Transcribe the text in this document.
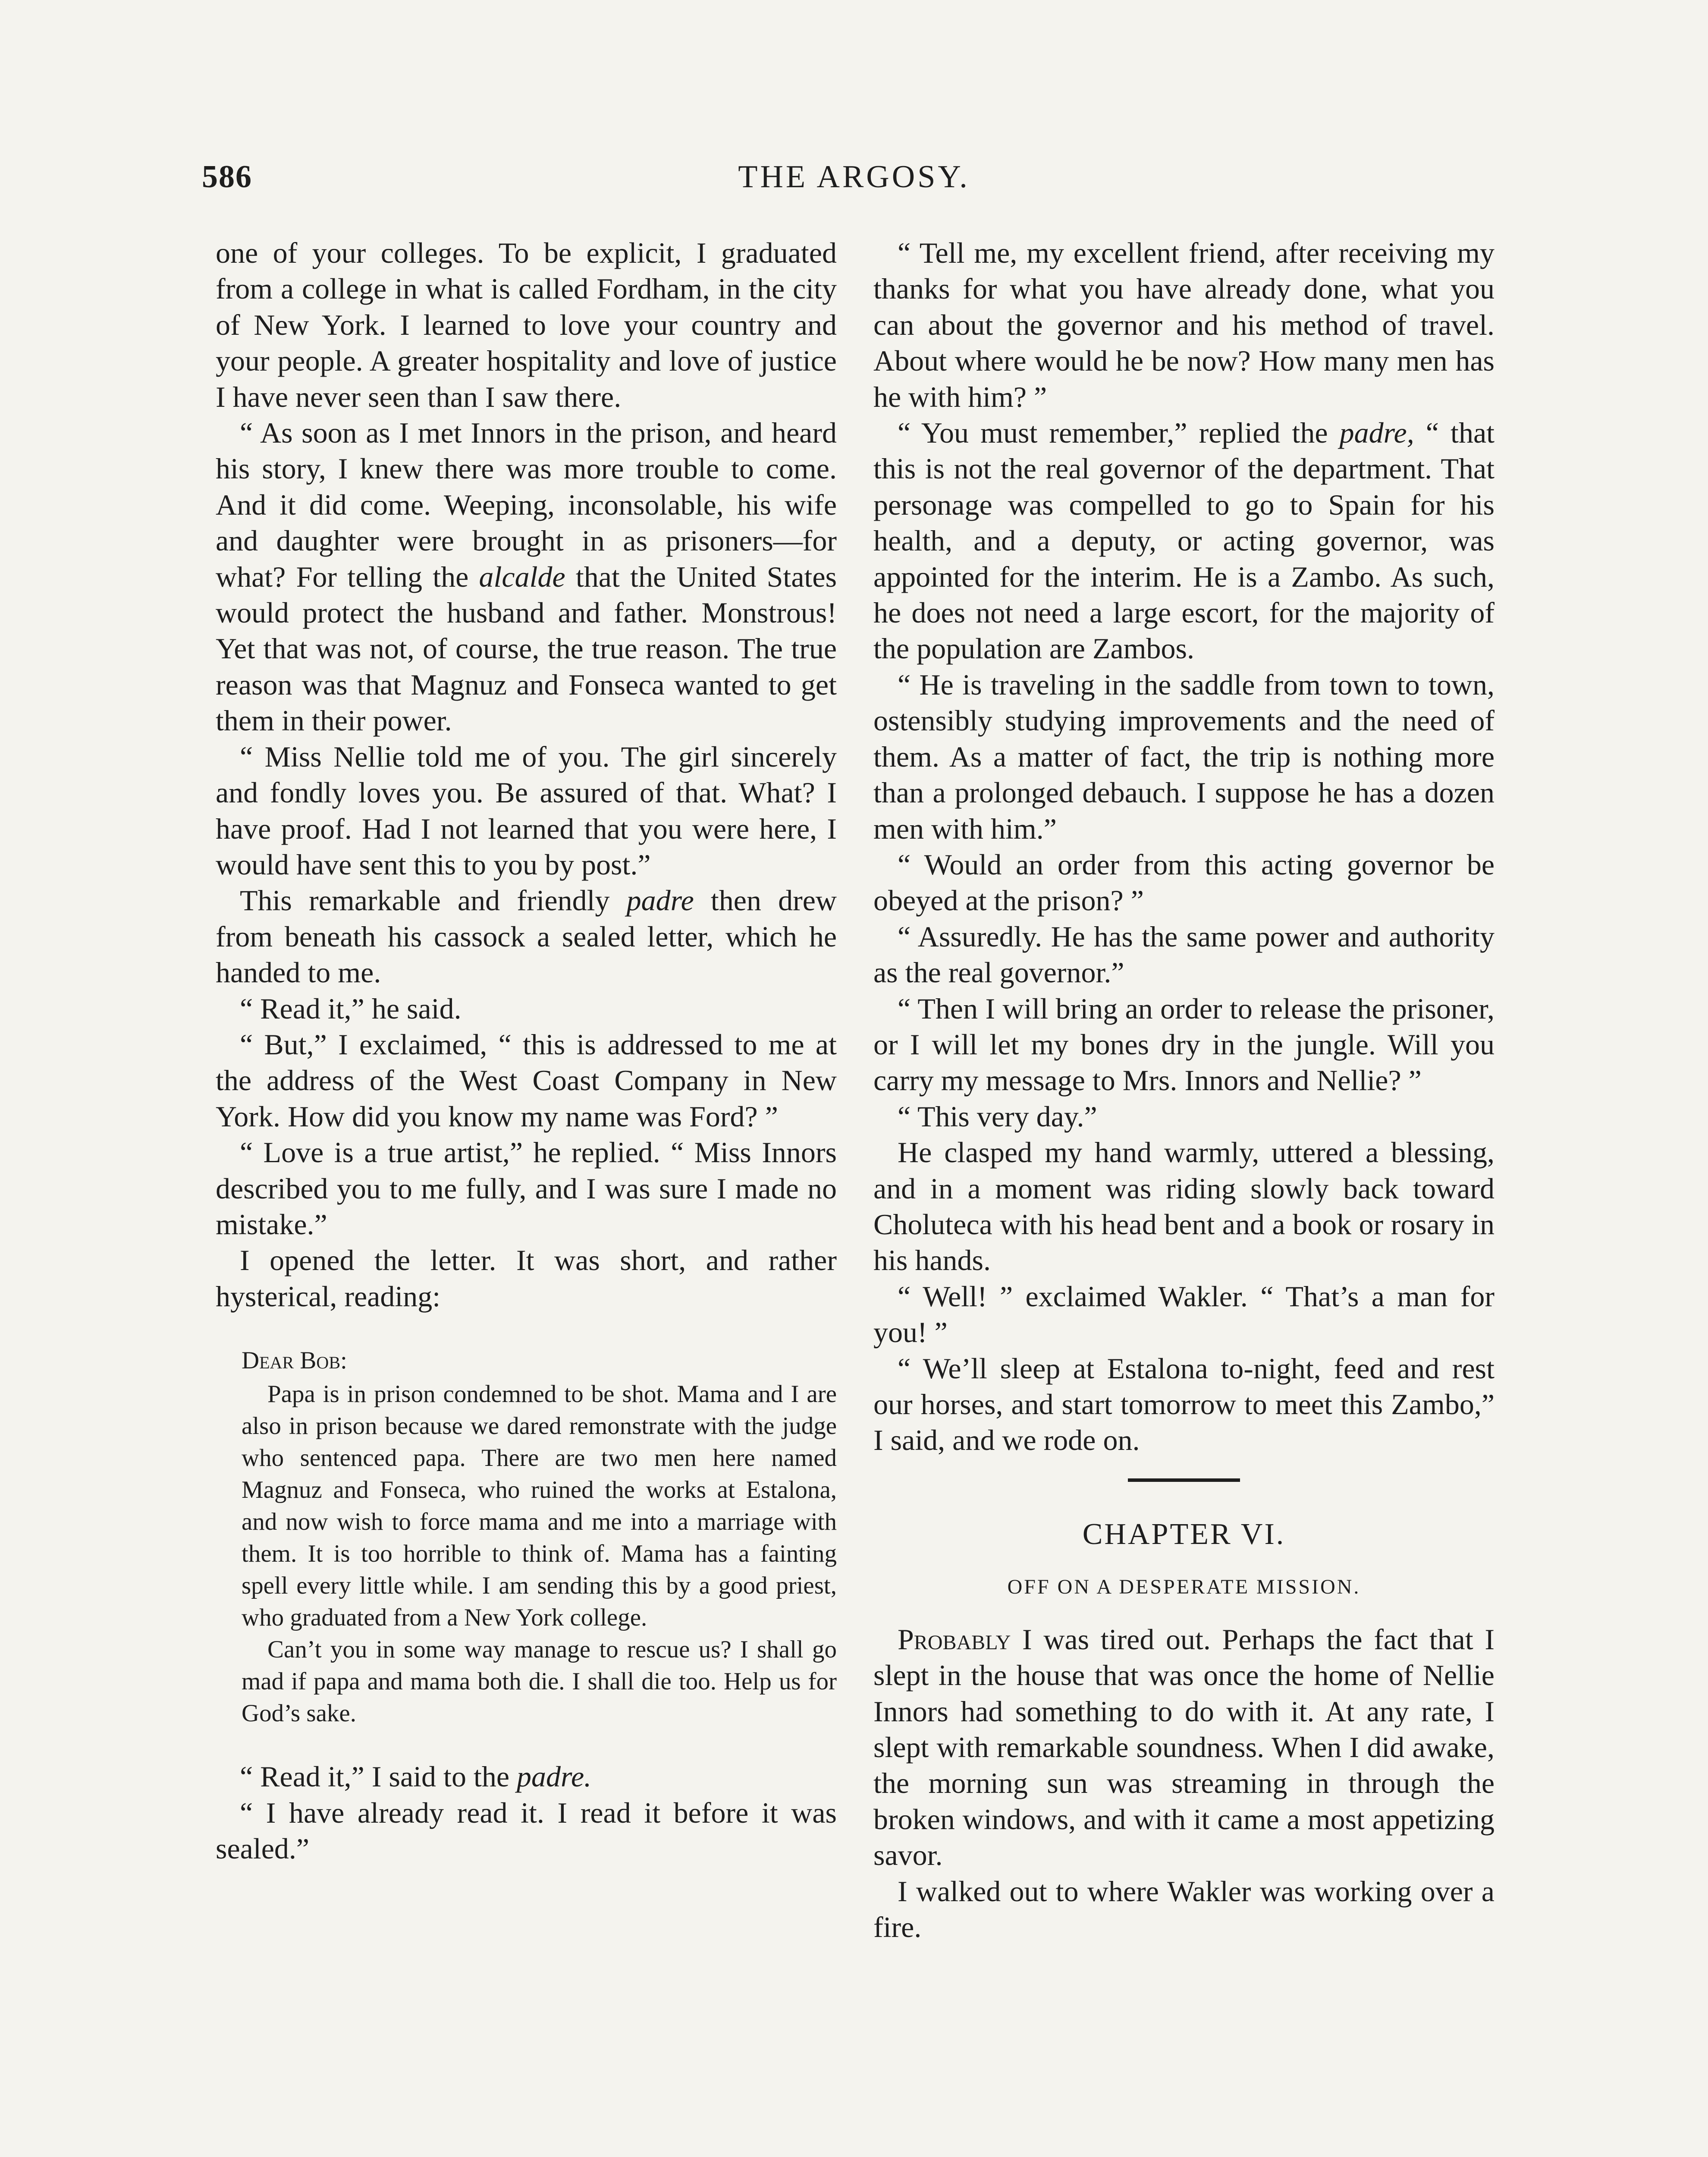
586	THE ARGOSY.

one of your colleges. To be explicit, I graduated from a college in what is called Fordham, in the city of New York. I learned to love your country and your people. A greater hospitality and love of justice I have never seen than I saw there.

“ As soon as I met Innors in the prison, and heard his story, I knew there was more trouble to come. And it did come. Weeping, inconsolable, his wife and daughter were brought in as prisoners—for what? For telling the alcalde that the United States would protect the husband and father. Monstrous! Yet that was not, of course, the true reason. The true reason was that Magnuz and Fonseca wanted to get them in their power.

“ Miss Nellie told me of you. The girl sincerely and fondly loves you. Be assured of that. What? I have proof. Had I not learned that you were here, I would have sent this to you by post.”

This remarkable and friendly padre then drew from beneath his cassock a sealed letter, which he handed to me.

“ Read it,” he said.

“ But,” I exclaimed, “ this is addressed to me at the address of the West Coast Company in New York. How did you know my name was Ford? ”

“ Love is a true artist,” he replied. “ Miss Innors described you to me fully, and I was sure I made no mistake.”

I opened the letter. It was short, and rather hysterical, reading:

Dear Bob:

Papa is in prison condemned to be shot. Mama and I are also in prison because we dared remonstrate with the judge who sentenced papa. There are two men here named Magnuz and Fonseca, who ruined the works at Estalona, and now wish to force mama and me into a marriage with them. It is too horrible to think of. Mama has a fainting spell every little while. I am sending this by a good priest, who graduated from a New York college.

Can’t you in some way manage to rescue us? I shall go mad if papa and mama both die. I shall die too. Help us for God’s sake.

“ Read it,” I said to the padre.

“ I have already read it. I read it before it was sealed.”

“ Tell me, my excellent friend, after receiving my thanks for what you have already done, what you can about the governor and his method of travel. About where would he be now? How many men has he with him? ”

“ You must remember,” replied the padre, “ that this is not the real governor of the department. That personage was compelled to go to Spain for his health, and a deputy, or acting governor, was appointed for the interim. He is a Zambo. As such, he does not need a large escort, for the majority of the population are Zambos.

“ He is traveling in the saddle from town to town, ostensibly studying improvements and the need of them. As a matter of fact, the trip is nothing more than a prolonged debauch. I suppose he has a dozen men with him.”

“ Would an order from this acting governor be obeyed at the prison? ”

“ Assuredly. He has the same power and authority as the real governor.”

“ Then I will bring an order to release the prisoner, or I will let my bones dry in the jungle. Will you carry my message to Mrs. Innors and Nellie? ”

“ This very day.”

He clasped my hand warmly, uttered a blessing, and in a moment was riding slowly back toward Choluteca with his head bent and a book or rosary in his hands.

“ Well! ” exclaimed Wakler. “ That’s a man for you! ”

“ We’ll sleep at Estalona to-night, feed and rest our horses, and start tomorrow to meet this Zambo,” I said, and we rode on.

CHAPTER VI.
OFF ON A DESPERATE MISSION.

Probably I was tired out. Perhaps the fact that I slept in the house that was once the home of Nellie Innors had something to do with it. At any rate, I slept with remarkable soundness. When I did awake, the morning sun was streaming in through the broken windows, and with it came a most appetizing savor.

I walked out to where Wakler was working over a fire.
